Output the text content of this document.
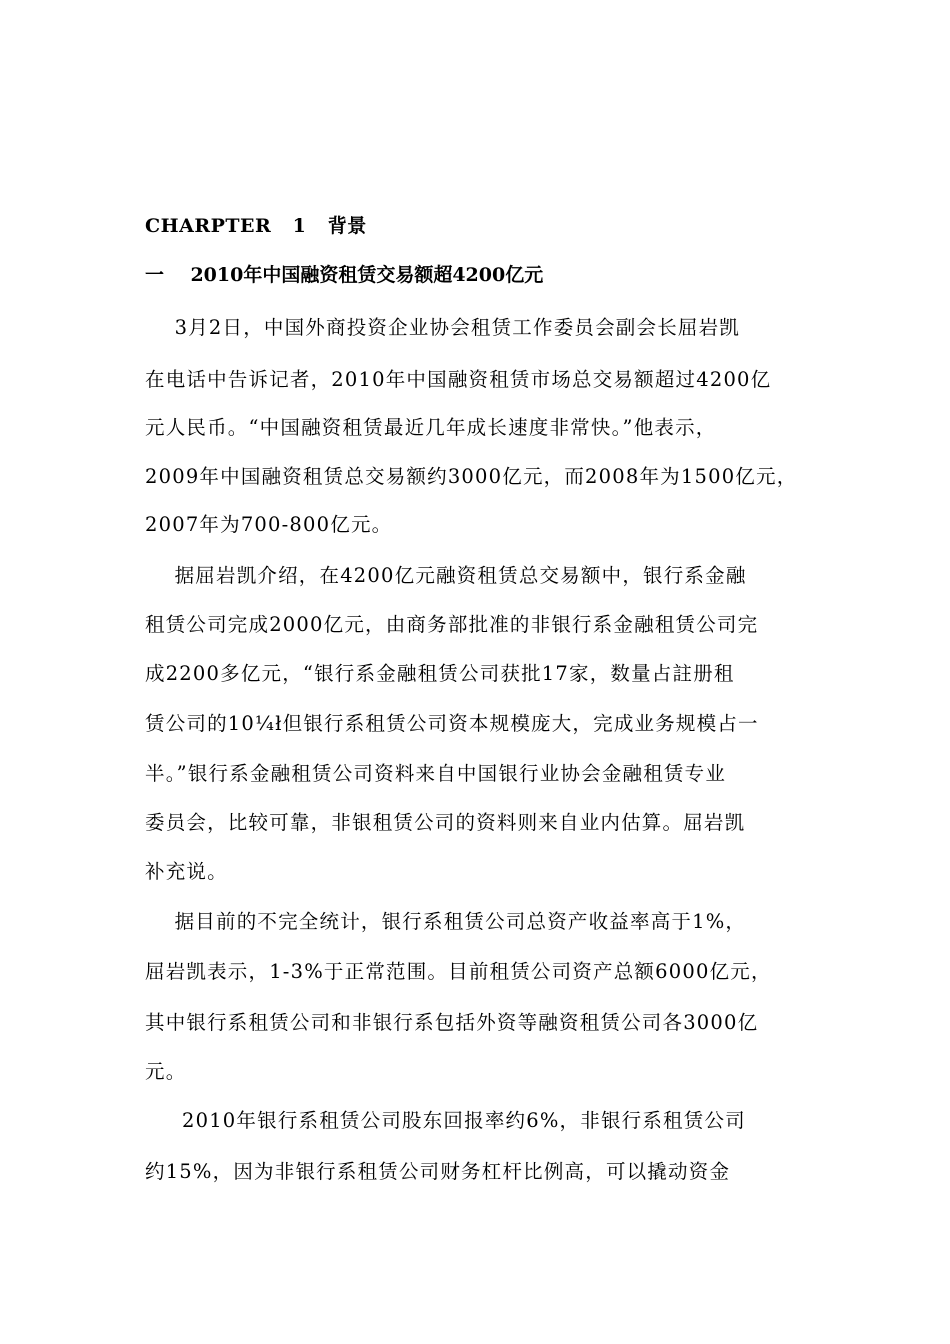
CHARPTER   1   背景
一    2010年中国融资租赁交易额超4200亿元
3月2日，中国外商投资企业协会租赁工作委员会副会长屈岩凯
在电话中告诉记者，2010年中国融资租赁市场总交易额超过4200亿
元人民币。“中国融资租赁最近几年成长速度非常快。”他表示，
2009年中国融资租赁总交易额约3000亿元，而2008年为1500亿元，
2007年为700-800亿元。
据屈岩凯介绍，在4200亿元融资租赁总交易额中，银行系金融
租赁公司完成2000亿元，由商务部批准的非银行系金融租赁公司完
成2200多亿元，“银行系金融租赁公司获批17家，数量占註册租
赁公司的10¼ł但银行系租赁公司资本规模庞大，完成业务规模占一
半。”银行系金融租赁公司资料来自中国银行业协会金融租赁专业
委员会，比较可靠，非银租赁公司的资料则来自业内估算。屈岩凯
补充说。
据目前的不完全统计，银行系租赁公司总资产收益率高于1%，
屈岩凯表示，1-3%于正常范围。目前租赁公司资产总额6000亿元，
其中银行系租赁公司和非银行系包括外资等融资租赁公司各3000亿
元。
2010年银行系租赁公司股东回报率约6%，非银行系租赁公司
约15%，因为非银行系租赁公司财务杠杆比例高，可以撬动资金
